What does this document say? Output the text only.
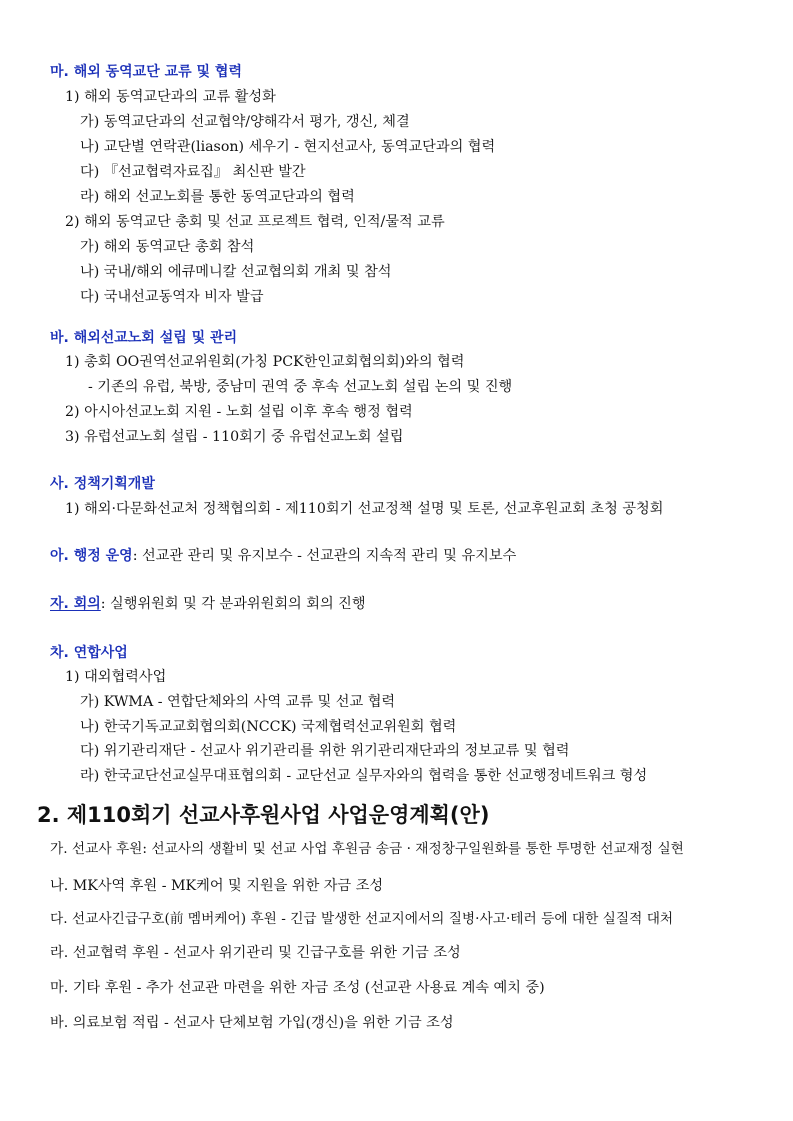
마. 해외 동역교단 교류 및 협력
1) 해외 동역교단과의 교류 활성화
가) 동역교단과의 선교협약/양해각서 평가, 갱신, 체결
나) 교단별 연락관(liason) 세우기 - 현지선교사, 동역교단과의 협력
다) 『선교협력자료집』 최신판 발간
라) 해외 선교노회를 통한 동역교단과의 협력
2) 해외 동역교단 총회 및 선교 프로젝트 협력, 인적/물적 교류
가) 해외 동역교단 총회 참석
나) 국내/해외 에큐메니칼 선교협의회 개최 및 참석
다) 국내선교동역자 비자 발급
바. 해외선교노회 설립 및 관리
1) 총회 OO권역선교위원회(가칭 PCK한인교회협의회)와의 협력
- 기존의 유럽, 북방, 중남미 권역 중 후속 선교노회 설립 논의 및 진행
2) 아시아선교노회 지원 - 노회 설립 이후 후속 행정 협력
3) 유럽선교노회 설립 - 110회기 중 유럽선교노회 설립
사. 정책기획개발
1) 해외·다문화선교처 정책협의회 - 제110회기 선교정책 설명 및 토론, 선교후원교회 초청 공청회
아. 행정 운영: 선교관 관리 및 유지보수 - 선교관의 지속적 관리 및 유지보수
자. 회의: 실행위원회 및 각 분과위원회의 회의 진행
차. 연합사업
1) 대외협력사업
가) KWMA - 연합단체와의 사역 교류 및 선교 협력
나) 한국기독교교회협의회(NCCK) 국제협력선교위원회 협력
다) 위기관리재단 - 선교사 위기관리를 위한 위기관리재단과의 정보교류 및 협력
라) 한국교단선교실무대표협의회 - 교단선교 실무자와의 협력을 통한 선교행정네트워크 형성
2. 제110회기 선교사후원사업 사업운영계획(안)
가. 선교사 후원: 선교사의 생활비 및 선교 사업 후원금 송금 · 재정창구일원화를 통한 투명한 선교재정 실현
나. MK사역 후원 - MK케어 및 지원을 위한 자금 조성
다. 선교사긴급구호(前 멤버케어) 후원 - 긴급 발생한 선교지에서의 질병·사고·테러 등에 대한 실질적 대처
라. 선교협력 후원 - 선교사 위기관리 및 긴급구호를 위한 기금 조성
마. 기타 후원 - 추가 선교관 마련을 위한 자금 조성 (선교관 사용료 계속 예치 중)
바. 의료보험 적립 - 선교사 단체보험 가입(갱신)을 위한 기금 조성
